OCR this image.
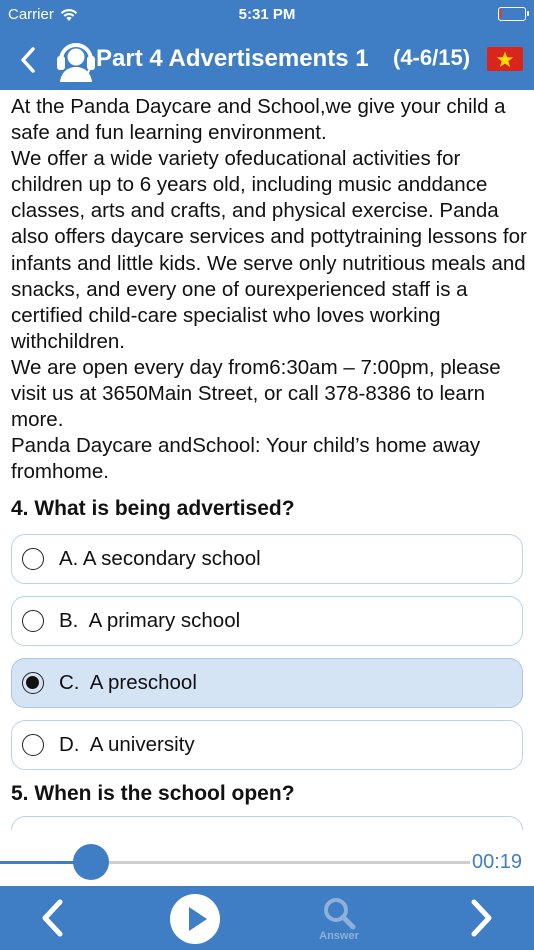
Carrier	5:31 PM
Part 4 Advertisements 1 (4-6/15)
At the Panda Daycare and School,we give your child a safe and fun learning environment.
We offer a wide variety ofeducational activities for children up to 6 years old, including music anddance classes, arts and crafts, and physical exercise. Panda also offers daycare services and pottytraining lessons for infants and little kids. We serve only nutritious meals and snacks, and every one of ourexperienced staff is a certified child-care specialist who loves working withchildren.
We are open every day from6:30am – 7:00pm, please visit us at 3650Main Street, or call 378-8386 to learn more.
Panda Daycare andSchool: Your child’s home away fromhome.
4. What is being advertised?
A. A secondary school
B.  A primary school
C.  A preschool
D.  A university
5. When is the school open?
00:19
Answer
